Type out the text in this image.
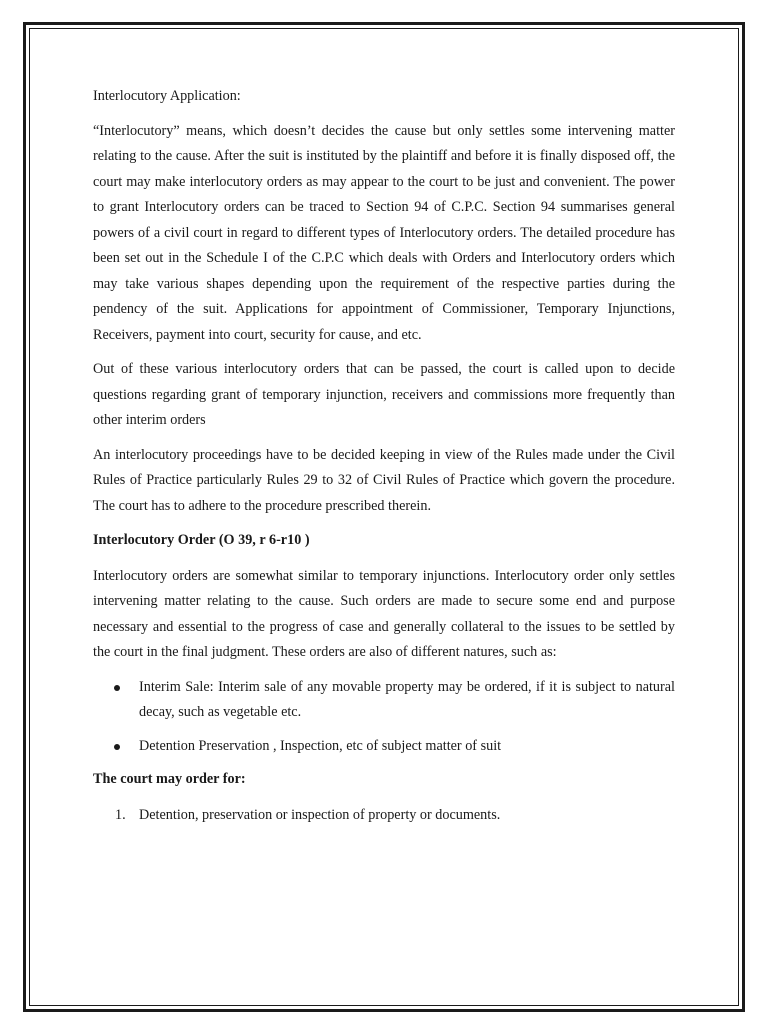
Interlocutory Application:

“Interlocutory” means, which doesn’t decides the cause but only settles some intervening matter relating to the cause. After the suit is instituted by the plaintiff and before it is finally disposed off, the court may make interlocutory orders as may appear to the court to be just and convenient. The power to grant Interlocutory orders can be traced to Section 94 of C.P.C. Section 94 summarises general powers of a civil court in regard to different types of Interlocutory orders. The detailed procedure has been set out in the Schedule I of the C.P.C which deals with Orders and Interlocutory orders which may take various shapes depending upon the requirement of the respective parties during the pendency of the suit. Applications for appointment of Commissioner, Temporary Injunctions, Receivers, payment into court, security for cause, and etc.

Out of these various interlocutory orders that can be passed, the court is called upon to decide questions regarding grant of temporary injunction, receivers and commissions more frequently than other interim orders

An interlocutory proceedings have to be decided keeping in view of the Rules made under the Civil Rules of Practice particularly Rules 29 to 32 of Civil Rules of Practice which govern the procedure. The court has to adhere to the procedure prescribed therein.

Interlocutory Order (O 39, r 6-r10 )

Interlocutory orders are somewhat similar to temporary injunctions. Interlocutory order only settles intervening matter relating to the cause. Such orders are made to secure some end and purpose necessary and essential to the progress of case and generally collateral to the issues to be settled by the court in the final judgment. These orders are also of different natures, such as:

Interim Sale: Interim sale of any movable property may be ordered, if it is subject to natural decay, such as vegetable etc.
Detention Preservation , Inspection, etc of subject matter of suit

The court may order for:

1. Detention, preservation or inspection of property or documents.
